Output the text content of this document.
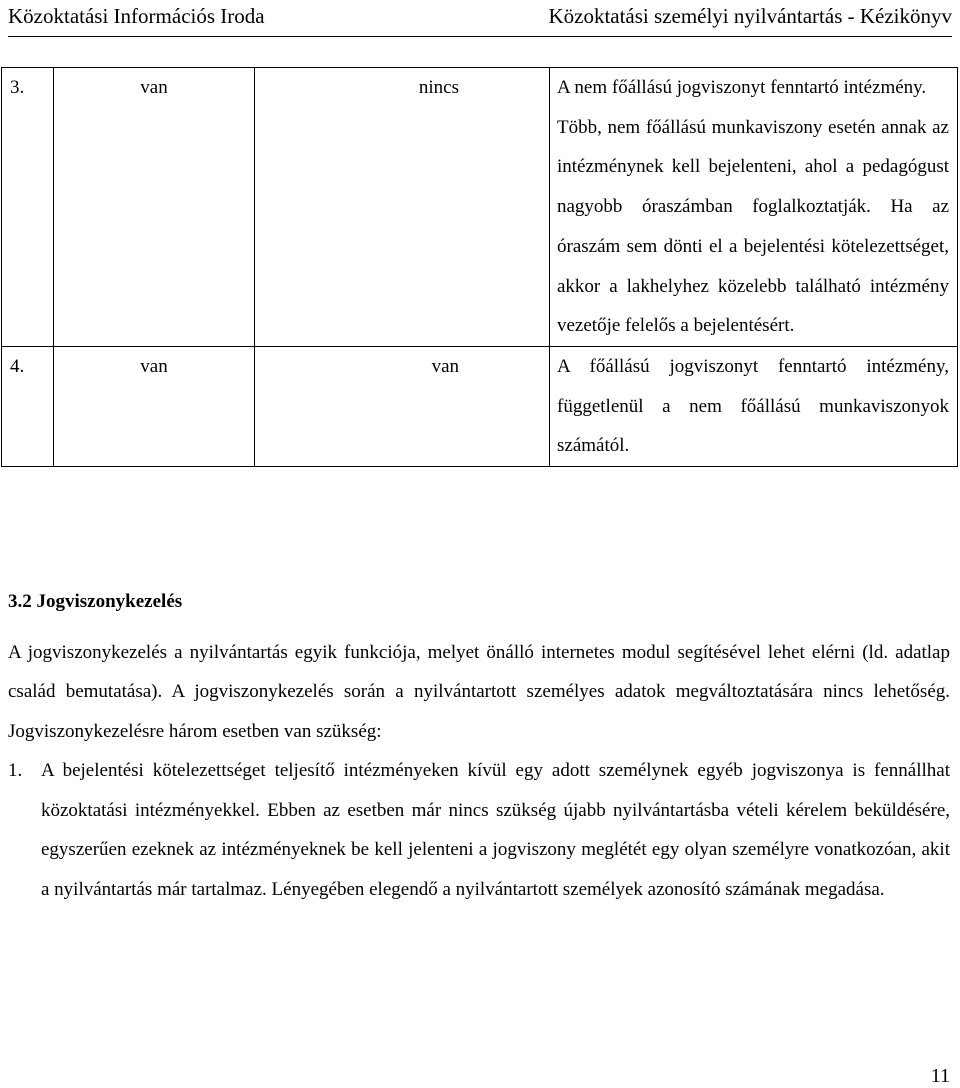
Közoktatási Információs Iroda	Közoktatási személyi nyilvántartás - Kézikönyv
3.	van	nincs	A nem főállású jogviszonyt fenntartó intézmény.
Több, nem főállású munkaviszony esetén annak az intézménynek kell bejelenteni, ahol a pedagógust nagyobb óraszámban foglalkoztatják. Ha az óraszám sem dönti el a bejelentési kötelezettséget, akkor a lakhelyhez közelebb található intézmény vezetője felelős a bejelentésért.

4.	van	van	A főállású jogviszonyt fenntartó intézmény, függetlenül a nem főállású munkaviszonyok számától.
3.2 Jogviszonykezelés
A jogviszonykezelés a nyilvántartás egyik funkciója, melyet önálló internetes modul segítésével lehet elérni (ld. adatlap család bemutatása). A jogviszonykezelés során a nyilvántartott személyes adatok megváltoztatására nincs lehetőség. Jogviszonykezelésre három esetben van szükség:
1. A bejelentési kötelezettséget teljesítő intézményeken kívül egy adott személynek egyéb jogviszonya is fennállhat közoktatási intézményekkel. Ebben az esetben már nincs szükség újabb nyilvántartásba vételi kérelem beküldésére, egyszerűen ezeknek az intézményeknek be kell jelenteni a jogviszony meglétét egy olyan személyre vonatkozóan, akit a nyilvántartás már tartalmaz. Lényegében elegendő a nyilvántartott személyek azonosító számának megadása.
11
